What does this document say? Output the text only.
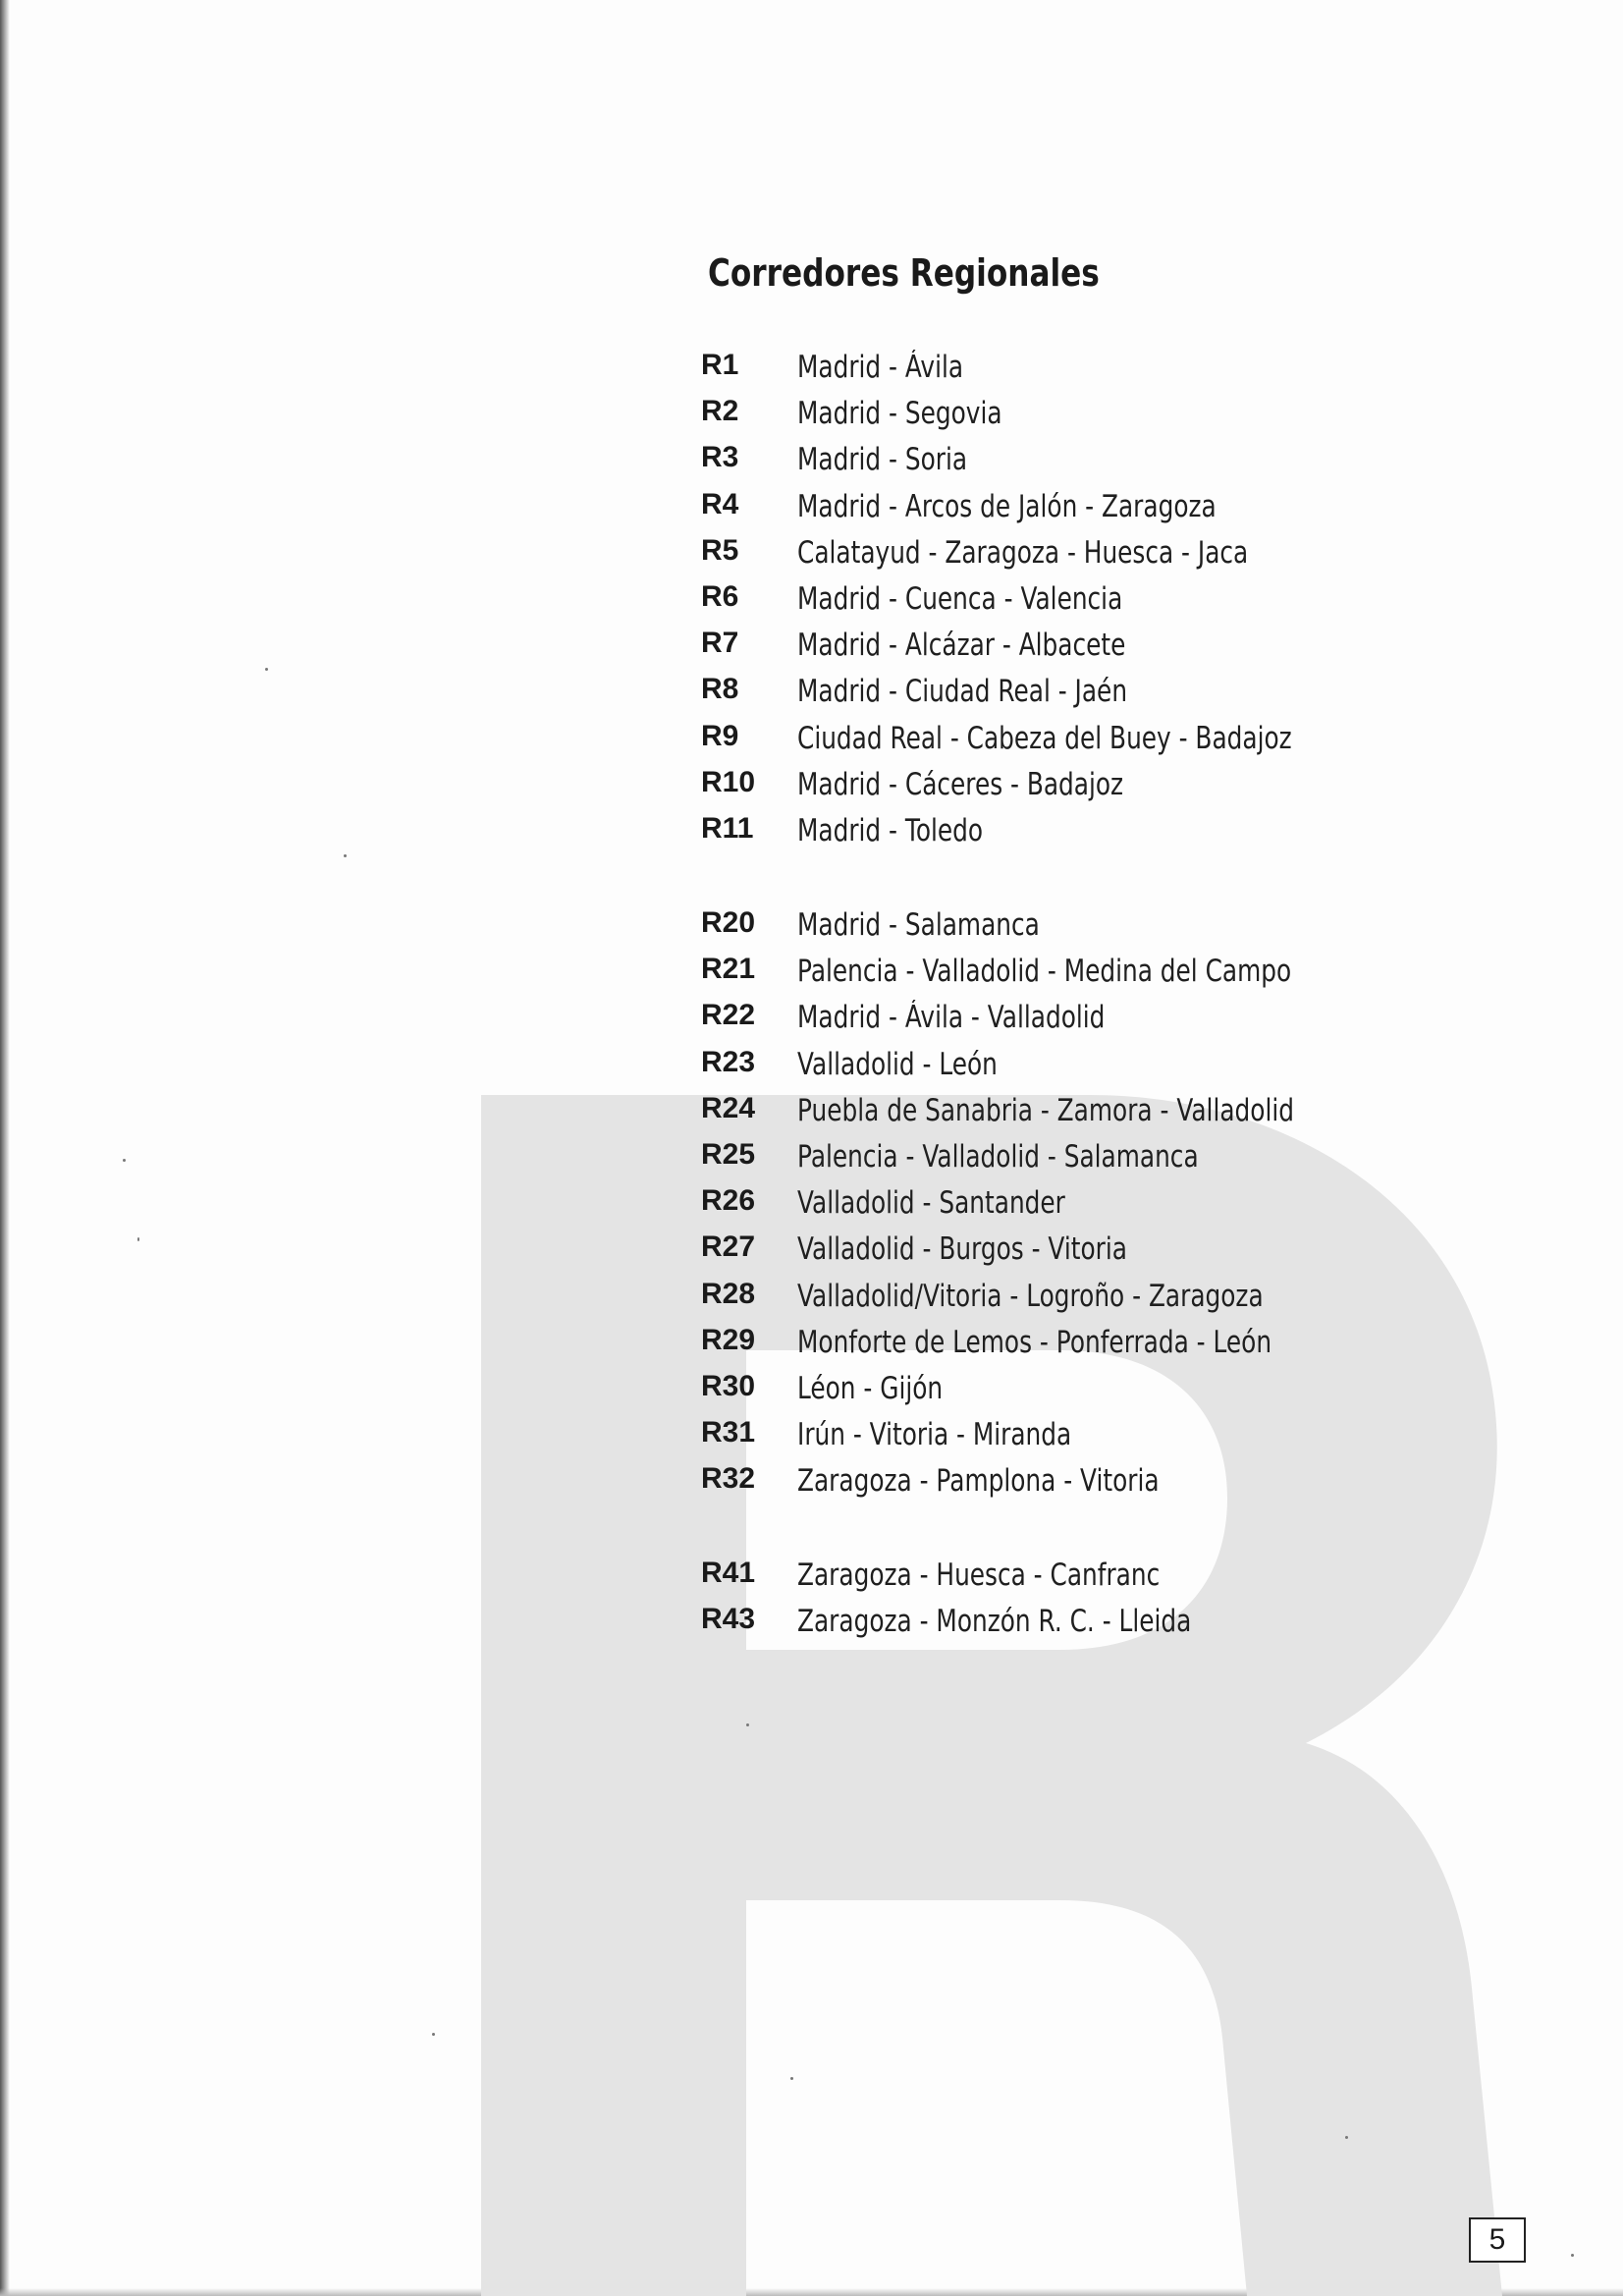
Corredores Regionales
R1 Madrid - Ávila
R2 Madrid - Segovia
R3 Madrid - Soria
R4 Madrid - Arcos de Jalón - Zaragoza
R5 Calatayud - Zaragoza - Huesca - Jaca
R6 Madrid - Cuenca - Valencia
R7 Madrid - Alcázar - Albacete
R8 Madrid - Ciudad Real - Jaén
R9 Ciudad Real - Cabeza del Buey - Badajoz
R10 Madrid - Cáceres - Badajoz
R11 Madrid - Toledo
R20 Madrid - Salamanca
R21 Palencia - Valladolid - Medina del Campo
R22 Madrid - Ávila - Valladolid
R23 Valladolid - León
R24 Puebla de Sanabria - Zamora - Valladolid
R25 Palencia - Valladolid - Salamanca
R26 Valladolid - Santander
R27 Valladolid - Burgos - Vitoria
R28 Valladolid/Vitoria - Logroño - Zaragoza
R29 Monforte de Lemos - Ponferrada - León
R30 Léon - Gijón
R31 Irún - Vitoria - Miranda
R32 Zaragoza - Pamplona - Vitoria
R41 Zaragoza - Huesca - Canfranc
R43 Zaragoza - Monzón R. C. - Lleida
5
